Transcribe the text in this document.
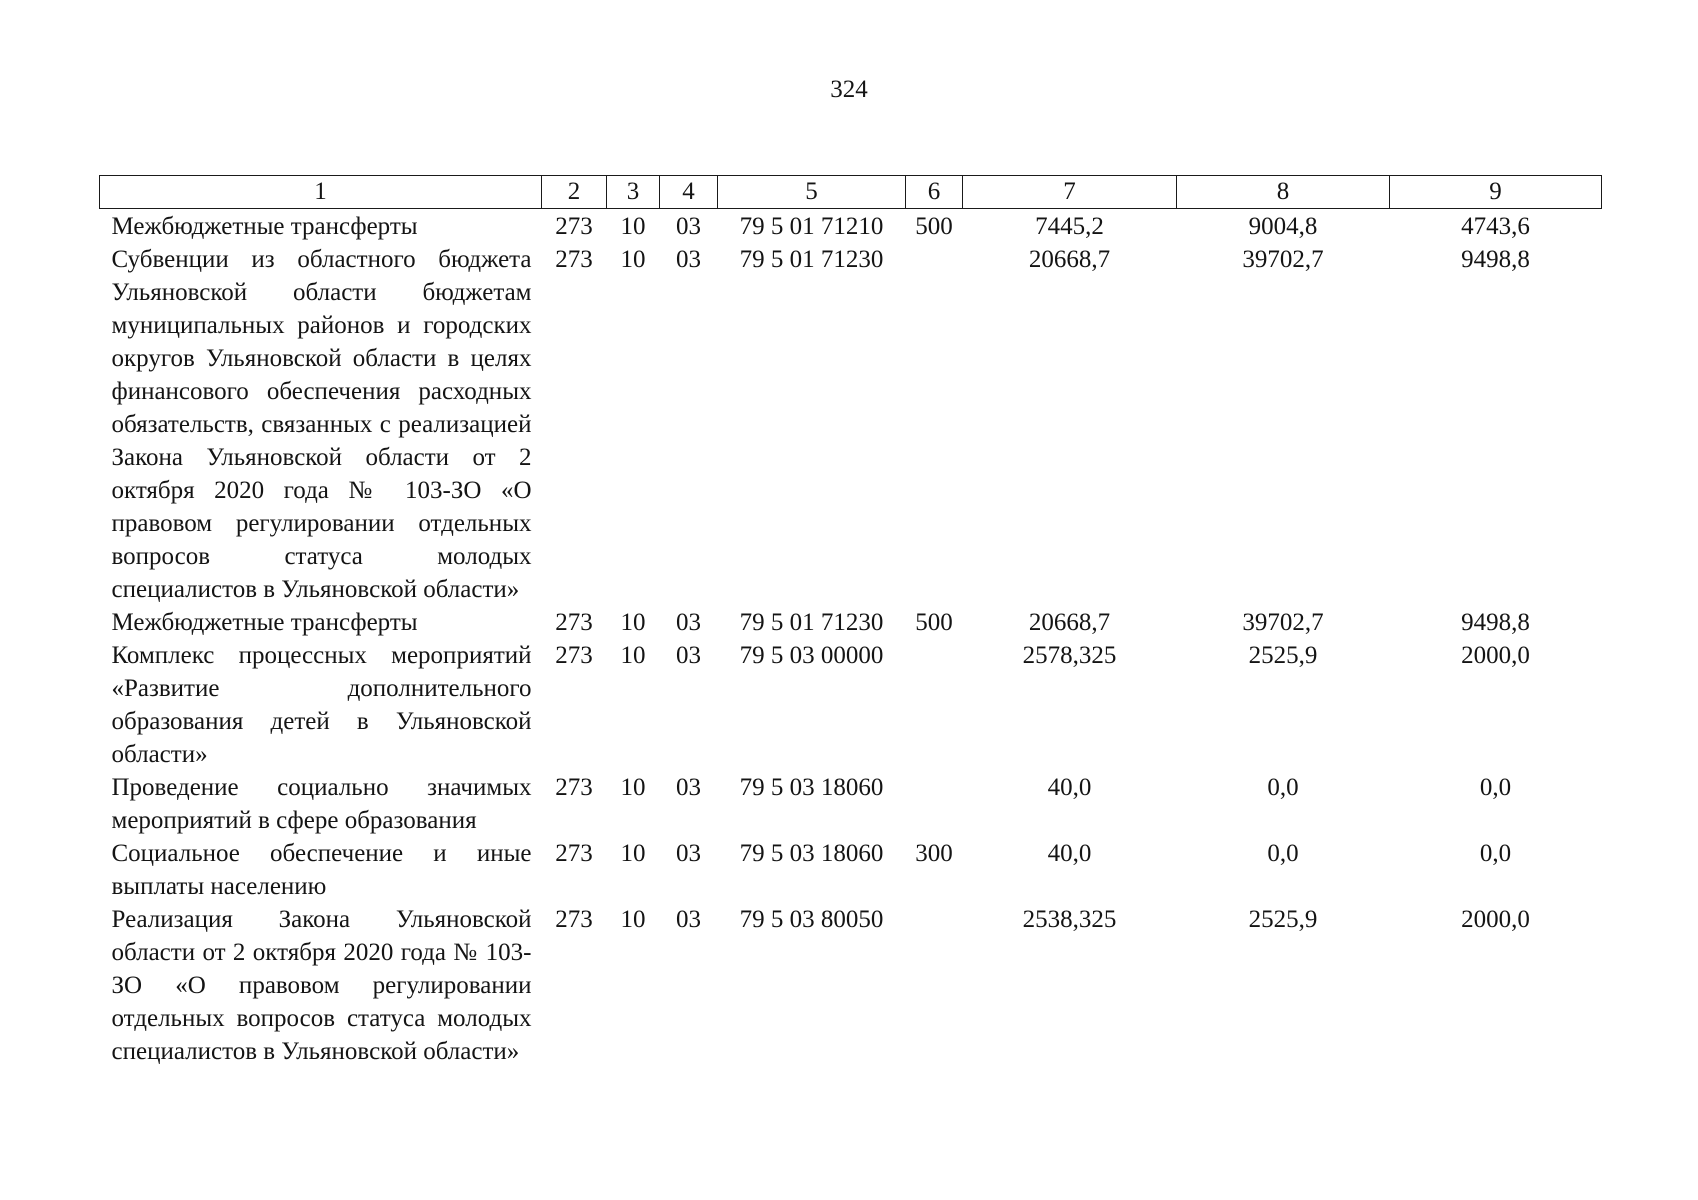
324
1	2	3	4	5	6	7	8	9
Межбюджетные трансферты	273	10	03	79 5 01 71210	500	7445,2	9004,8	4743,6
Субвенции из областного бюджета Ульяновской области бюджетам муниципальных районов и городских округов Ульяновской области в целях финансового обеспечения расходных обязательств, связанных с реализацией Закона Ульяновской области от 2 октября 2020 года № 103-ЗО «О правовом регулировании отдельных вопросов статуса молодых специалистов в Ульяновской области»	273	10	03	79 5 01 71230		20668,7	39702,7	9498,8
Межбюджетные трансферты	273	10	03	79 5 01 71230	500	20668,7	39702,7	9498,8
Комплекс процессных мероприятий «Развитие дополнительного образования детей в Ульяновской области»	273	10	03	79 5 03 00000		2578,325	2525,9	2000,0
Проведение социально значимых мероприятий в сфере образования	273	10	03	79 5 03 18060		40,0	0,0	0,0
Социальное обеспечение и иные выплаты населению	273	10	03	79 5 03 18060	300	40,0	0,0	0,0
Реализация Закона Ульяновской области от 2 октября 2020 года № 103-ЗО «О правовом регулировании отдельных вопросов статуса молодых специалистов в Ульяновской области»	273	10	03	79 5 03 80050		2538,325	2525,9	2000,0
